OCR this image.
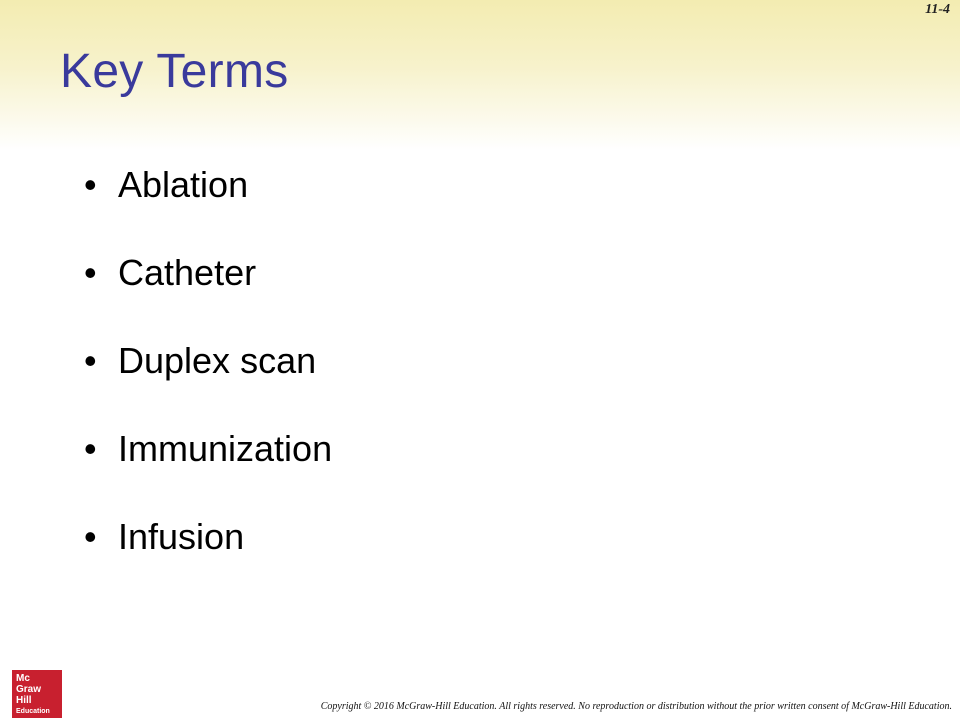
11-4
Key Terms
• Ablation
• Catheter
• Duplex scan
• Immunization
• Infusion
Mc
Graw
Hill
Education	Copyright © 2016 McGraw-Hill Education. All rights reserved. No reproduction or distribution without the prior written consent of McGraw-Hill Education.
